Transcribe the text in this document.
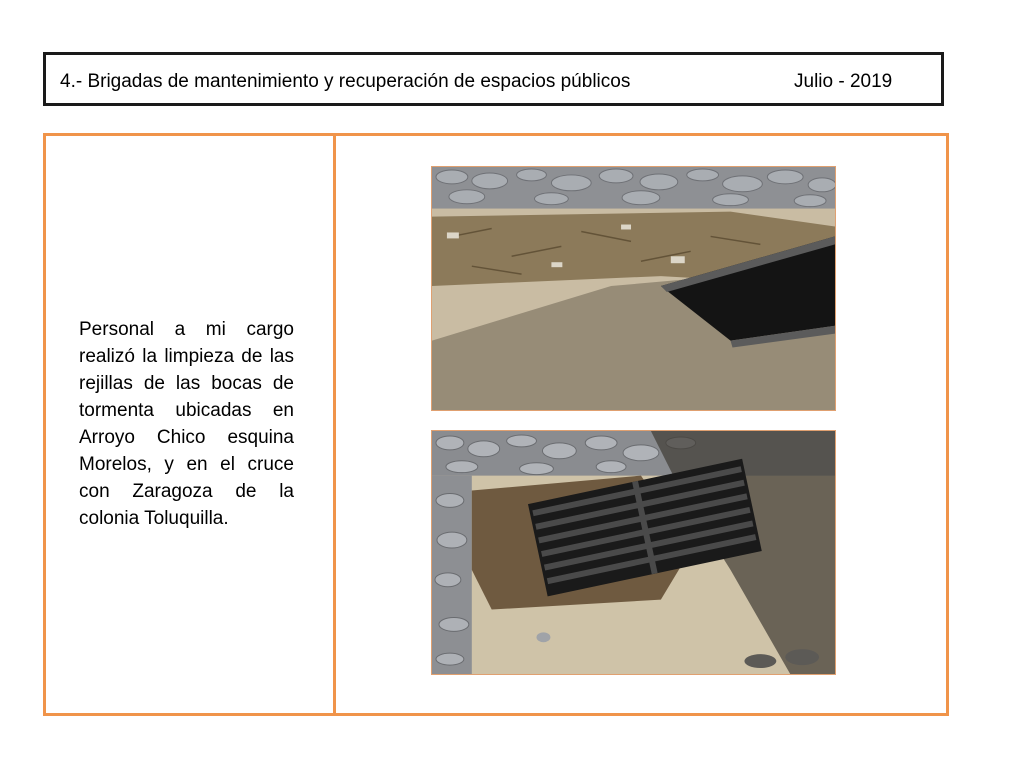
4.- Brigadas de mantenimiento y recuperación de espacios públicos	Julio - 2019

Personal a mi cargo realizó la limpieza de las rejillas de las bocas de tormenta ubicadas en Arroyo Chico esquina Morelos, y en el cruce con Zaragoza de la colonia Toluquilla.
